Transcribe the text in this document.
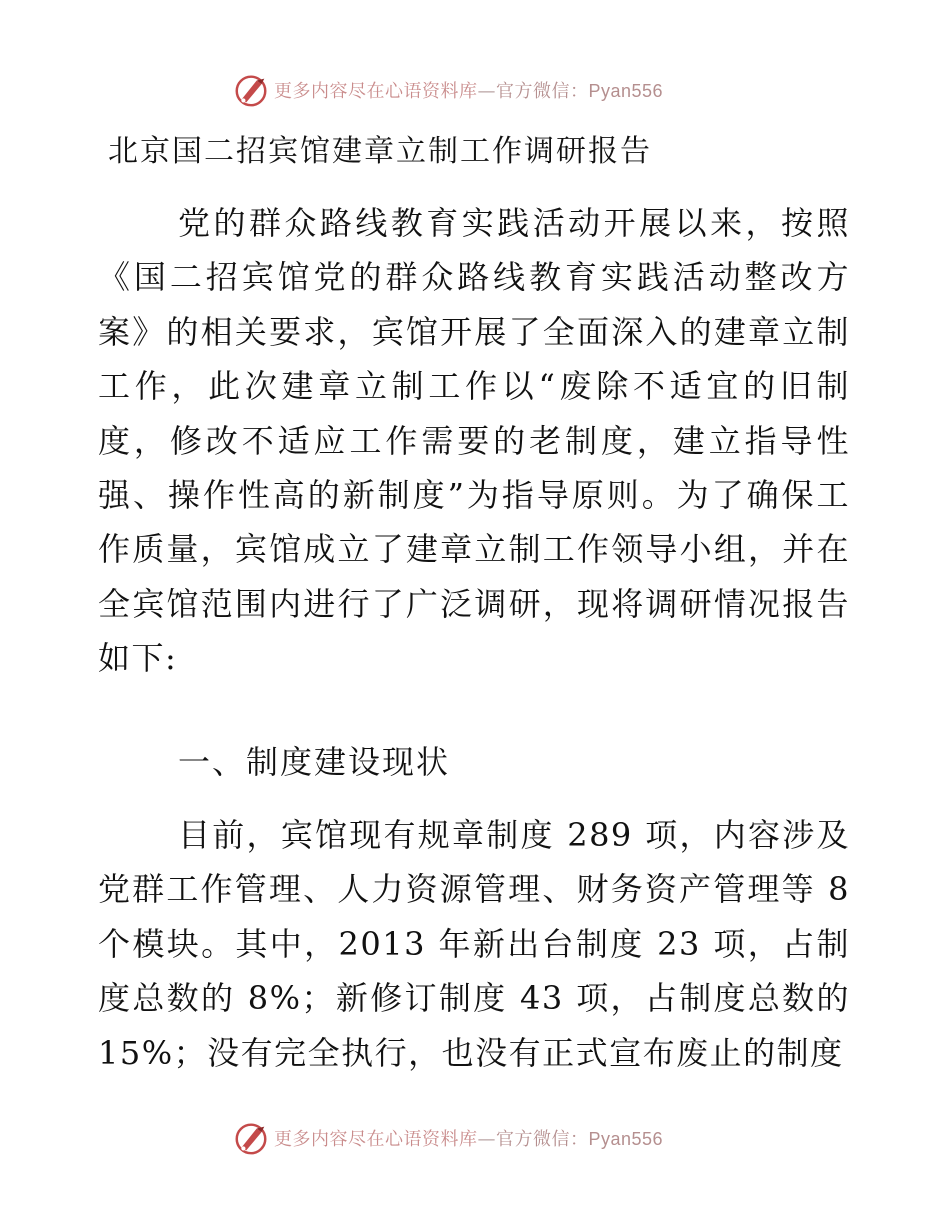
更多内容尽在心语资料库—官方微信：Pyan556
北京国二招宾馆建章立制工作调研报告
党的群众路线教育实践活动开展以来，按照《国二招宾馆党的群众路线教育实践活动整改方案》的相关要求，宾馆开展了全面深入的建章立制工作，此次建章立制工作以“废除不适宜的旧制度，修改不适应工作需要的老制度，建立指导性强、操作性高的新制度”为指导原则。为了确保工作质量，宾馆成立了建章立制工作领导小组，并在全宾馆范围内进行了广泛调研，现将调研情况报告如下:
一、制度建设现状
目前，宾馆现有规章制度 289 项，内容涉及党群工作管理、人力资源管理、财务资产管理等 8 个模块。其中，2013 年新出台制度 23 项，占制度总数的 8%；新修订制度 43 项，占制度总数的 15%；没有完全执行，也没有正式宣布废止的制度
更多内容尽在心语资料库—官方微信：Pyan556
